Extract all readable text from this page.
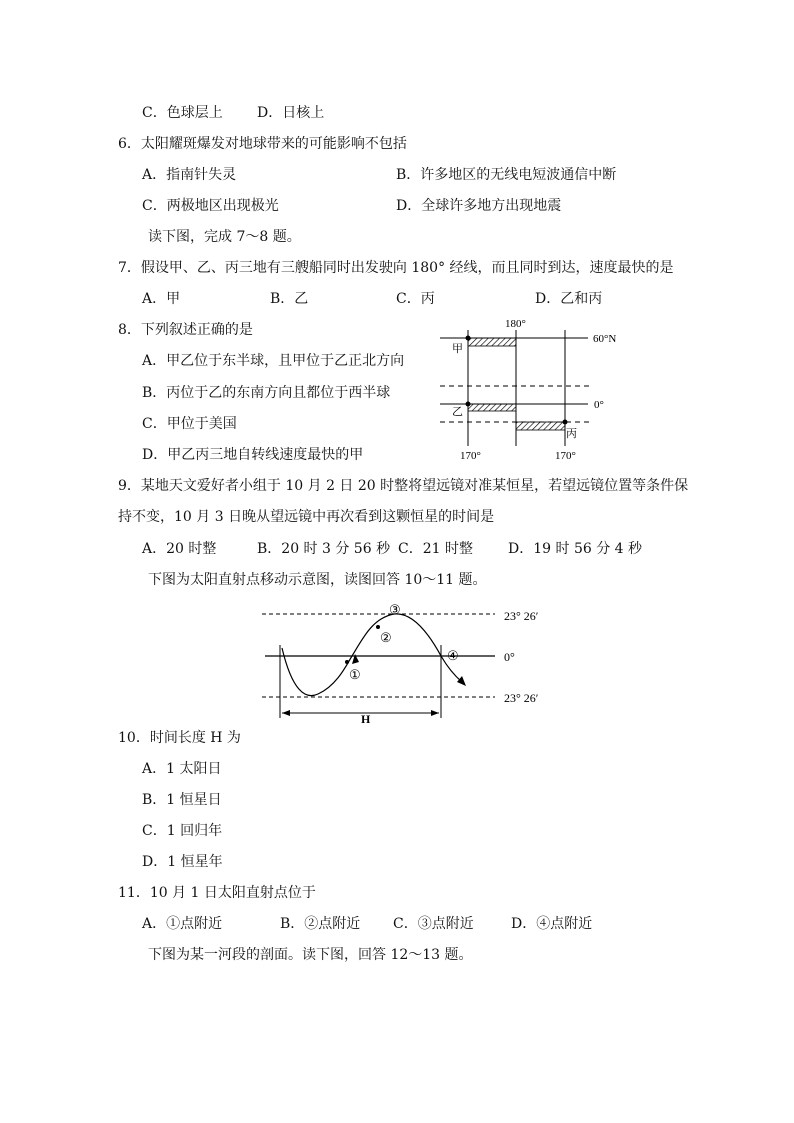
C．色球层上 D．日核上
6．太阳耀斑爆发对地球带来的可能影响不包括
A．指南针失灵	B．许多地区的无线电短波通信中断
C．两极地区出现极光	D．全球许多地方出现地震
读下图，完成 7～8 题。
7．假设甲、乙、丙三地有三艘船同时出发驶向 180° 经线，而且同时到达，速度最快的是
A．甲	B．乙	C．丙	D．乙和丙
8．下列叙述正确的是
A．甲乙位于东半球，且甲位于乙正北方向
B．丙位于乙的东南方向且都位于西半球
C．甲位于美国
D．甲乙丙三地自转线速度最快的甲
180°
60°N
0°
甲
乙
丙
170°	170°
9．某地天文爱好者小组于 10 月 2 日 20 时整将望远镜对准某恒星，若望远镜位置等条件保
持不变，10 月 3 日晚从望远镜中再次看到这颗恒星的时间是
A．20 时整	B．20 时 3 分 56 秒 C．21 时整	D．19 时 56 分 4 秒
下图为太阳直射点移动示意图，读图回答 10～11 题。
23° 26′
0°
23° 26′
①
②
③
④
H
10．时间长度 H 为
A．1 太阳日
B．1 恒星日
C．1 回归年
D．1 恒星年
11．10 月 1 日太阳直射点位于
A．①点附近	B．②点附近 C．③点附近	D．④点附近
下图为某一河段的剖面。读下图，回答 12～13 题。
